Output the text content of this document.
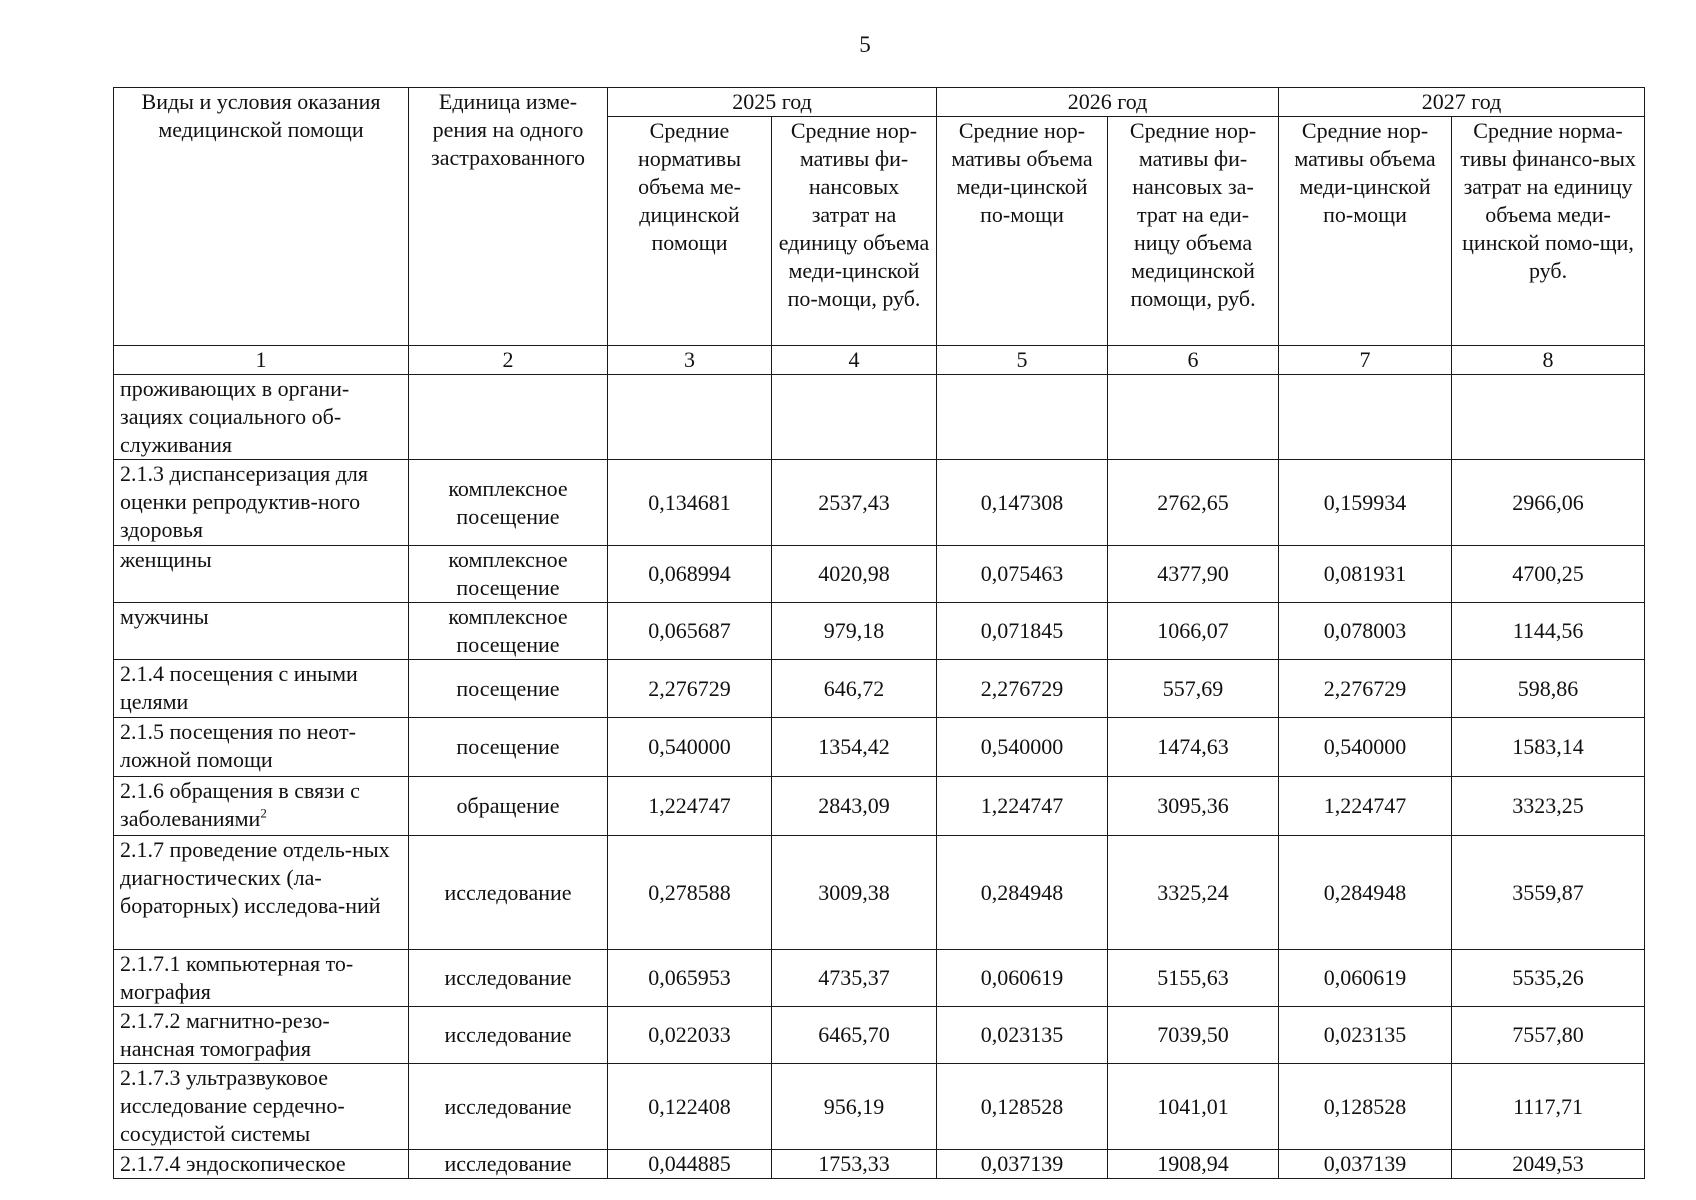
5
Виды и условия оказания медицинской помощи	Единица изме-рения на одного застрахованного	2025 год		2026 год		2027 год	
		Средние нормативы объема ме-дицинской помощи	Средние нор-мативы фи-нансовых затрат на единицу объема меди-цинской по-мощи, руб.	Средние нор-мативы объема меди-цинской по-мощи	Средние нор-мативы фи-нансовых за-трат на еди-ницу объема медицинской помощи, руб.	Средние нор-мативы объема меди-цинской по-мощи	Средние норма-тивы финансо-вых затрат на единицу объема меди-цинской помо-щи, руб.
1	2	3	4	5	6	7	8
проживающих в органи-зациях социального об-служивания							
2.1.3 диспансеризация для оценки репродуктив-ного здоровья	комплексное посещение	0,134681	2537,43	0,147308	2762,65	0,159934	2966,06
женщины	комплексное посещение	0,068994	4020,98	0,075463	4377,90	0,081931	4700,25
мужчины	комплексное посещение	0,065687	979,18	0,071845	1066,07	0,078003	1144,56
2.1.4 посещения с иными целями	посещение	2,276729	646,72	2,276729	557,69	2,276729	598,86
2.1.5 посещения по неот-ложной помощи	посещение	0,540000	1354,42	0,540000	1474,63	0,540000	1583,14
2.1.6 обращения в связи с заболеваниями$^2$	обращение	1,224747	2843,09	1,224747	3095,36	1,224747	3323,25
2.1.7 проведение отдель-ных диагностических (ла-бораторных) исследова-ний	исследование	0,278588	3009,38	0,284948	3325,24	0,284948	3559,87
2.1.7.1 компьютерная то-мография	исследование	0,065953	4735,37	0,060619	5155,63	0,060619	5535,26
2.1.7.2 магнитно-резо-нансная томография	исследование	0,022033	6465,70	0,023135	7039,50	0,023135	7557,80
2.1.7.3 ультразвуковое исследование сердечно-сосудистой системы	исследование	0,122408	956,19	0,128528	1041,01	0,128528	1117,71
2.1.7.4 эндоскопическое	исследование	0,044885	1753,33	0,037139	1908,94	0,037139	2049,53
